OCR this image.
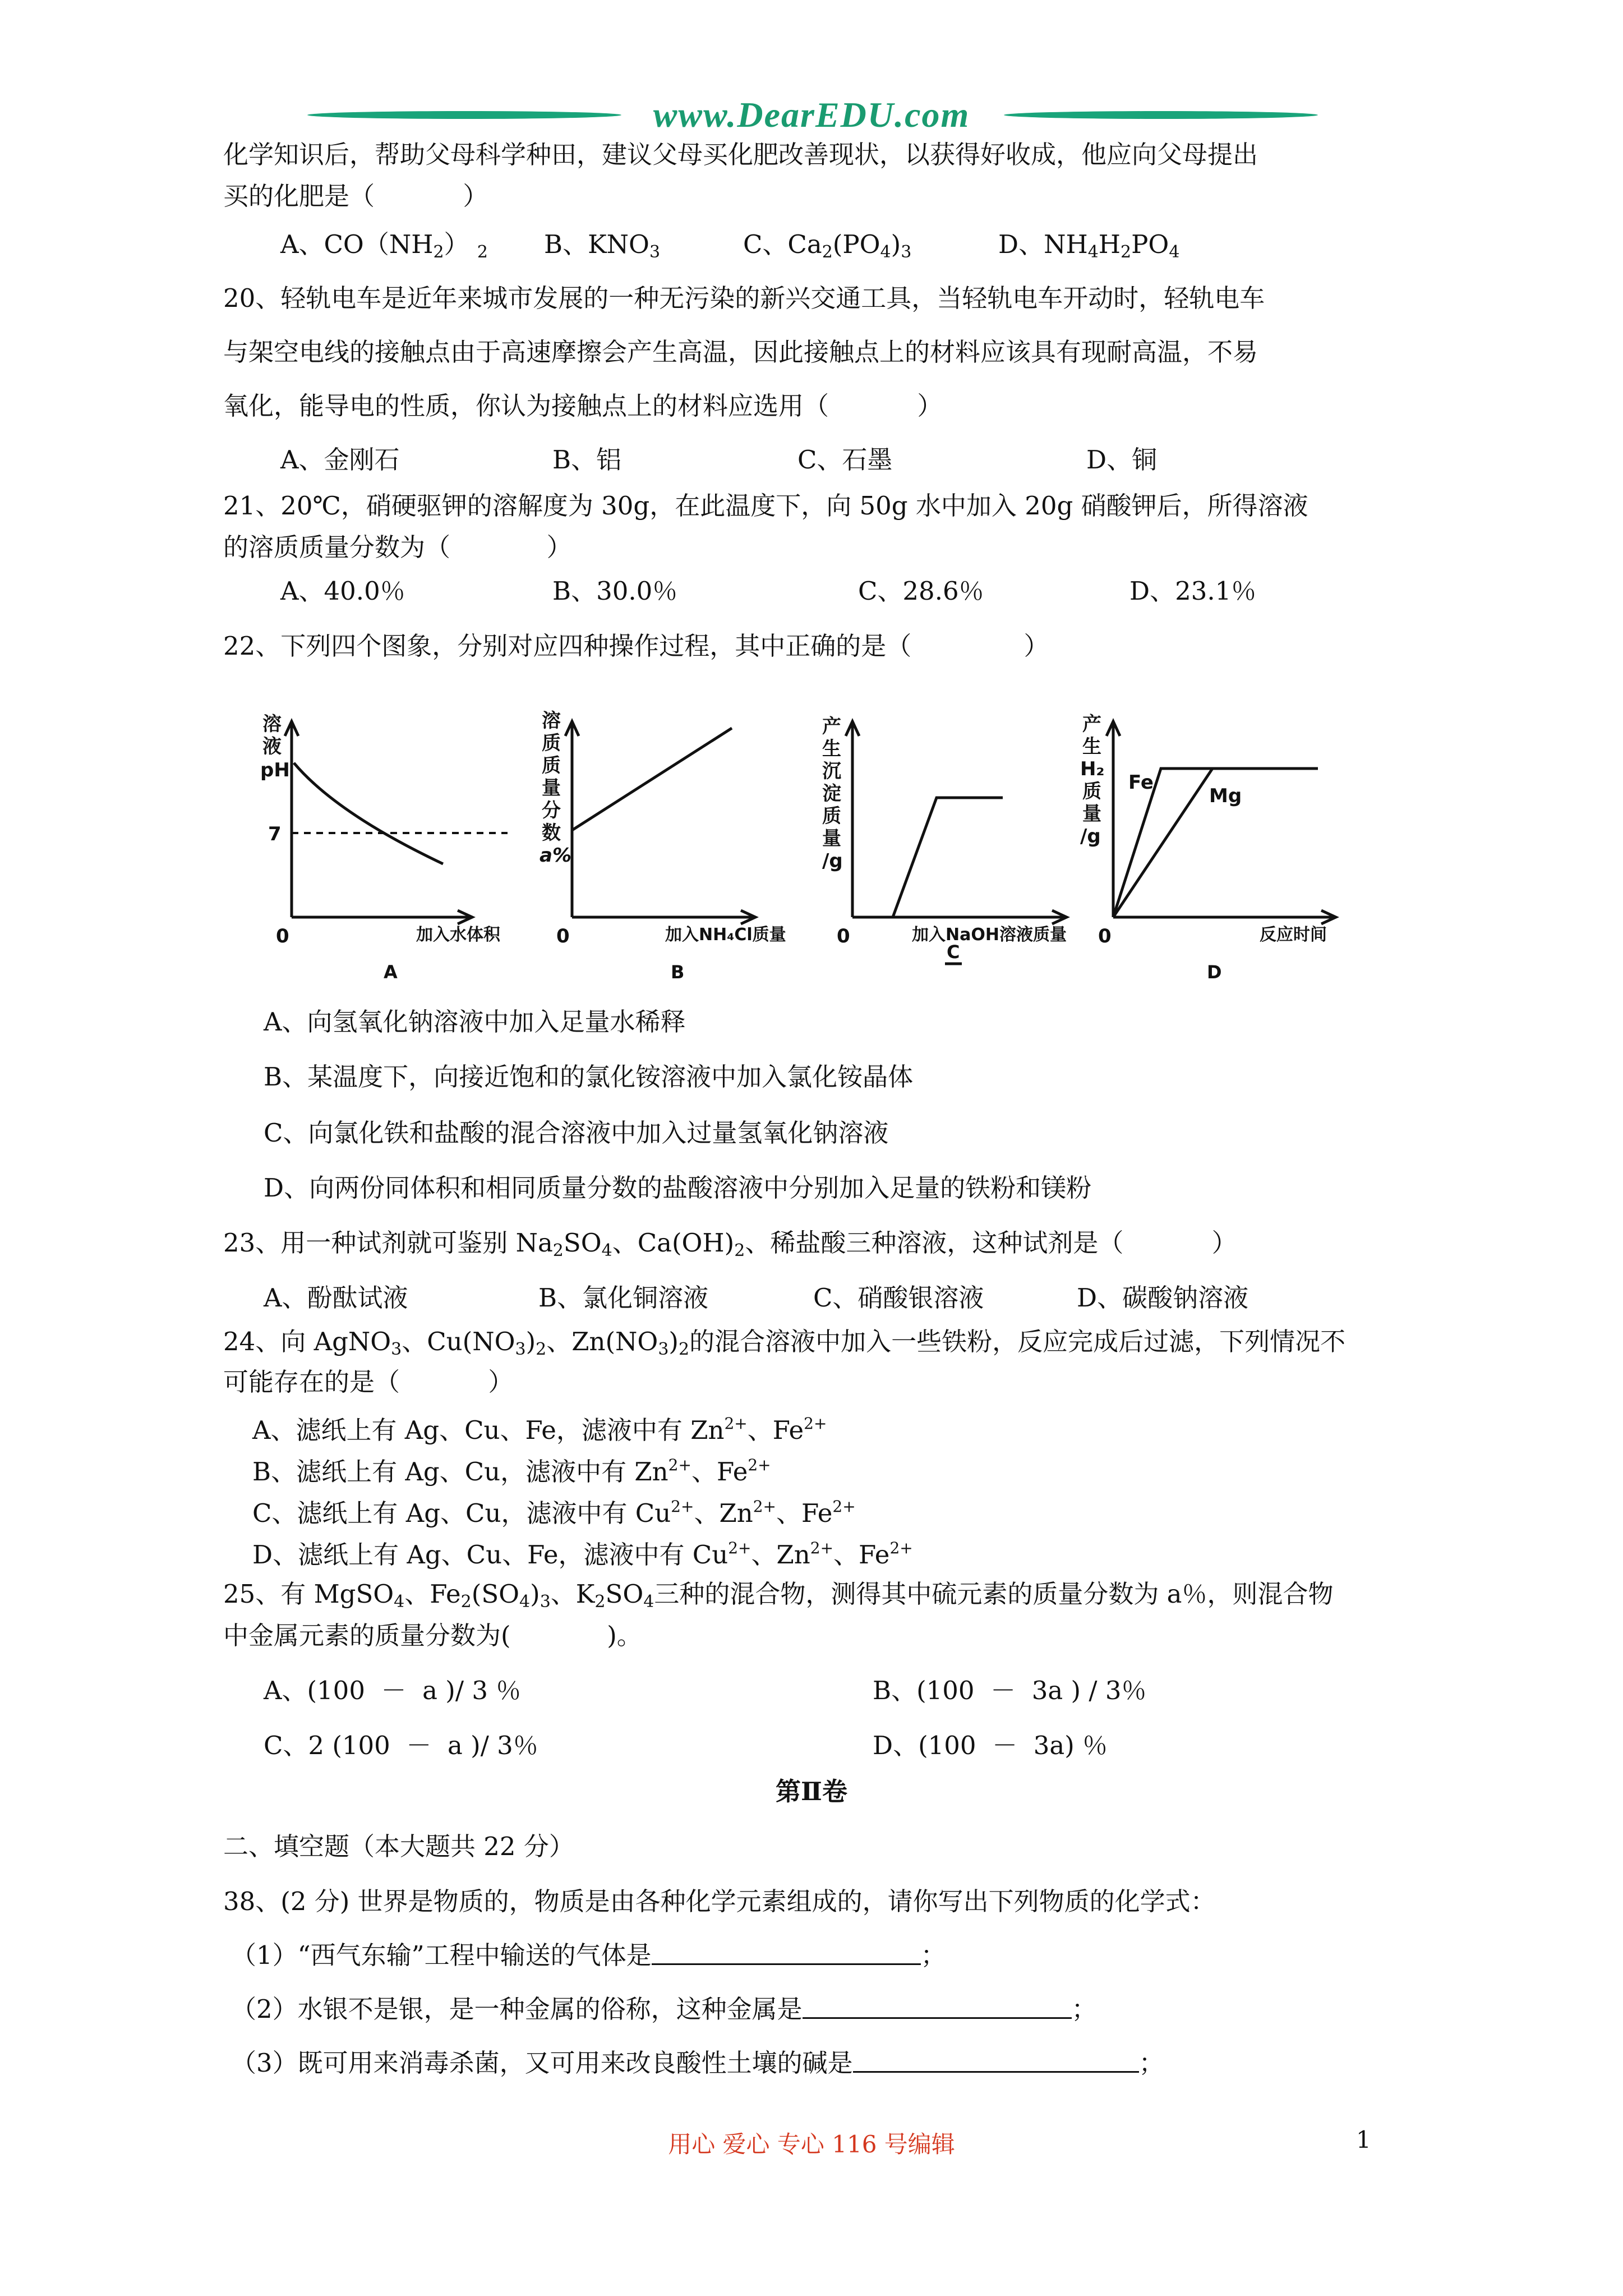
www.DearEDU.com
化学知识后，帮助父母科学种田，建议父母买化肥改善现状，以获得好收成，他应向父母提出
买的化肥是（           ）
A、$CO(NH_2)$ $_2$ B、$KNO_3$	C、$Ca_2(PO_4)_3$	D、$NH_4H_2PO_4$
20、轻轨电车是近年来城市发展的一种无污染的新兴交通工具，当轻轨电车开动时，轻轨电车
与架空电线的接触点由于高速摩擦会产生高温，因此接触点上的材料应该具有现耐高温，不易
氧化，能导电的性质，你认为接触点上的材料应选用（           ）
A、金刚石	B、铝	C、石墨	D、铜
21、20℃，硝硬驱钾的溶解度为 30g，在此温度下，向 50g 水中加入 20g 硝酸钾后，所得溶液
的溶质质量分数为（            ）
A、40.0％	B、30.0％	C、28.6％	D、23.1％
22、下列四个图象，分别对应四种操作过程，其中正确的是（              ）
溶
液
pH
7
0	加入水体积
A
溶
质
质
量
分
数
a%
0	加入NH₄Cl质量
B
产
生
沉
淀
质
量
/g
0	加入NaOH溶液质量
C
产
生
H₂
质
量
/g
Fe
Mg
0	反应时间
D
A、向氢氧化钠溶液中加入足量水稀释
B、某温度下，向接近饱和的氯化铵溶液中加入氯化铵晶体
C、向氯化铁和盐酸的混合溶液中加入过量氢氧化钠溶液
D、向两份同体积和相同质量分数的盐酸溶液中分别加入足量的铁粉和镁粉
23、用一种试剂就可鉴别 $Na_2SO_4$、$Ca(OH)_2$、稀盐酸三种溶液，这种试剂是（           ）
A、酚酞试液	B、氯化铜溶液	C、硝酸银溶液	D、碳酸钠溶液
24、向 AgNO$_3$、$Cu(NO_3)_2$、$Zn(NO_3)_2$的混合溶液中加入一些铁粉，反应完成后过滤，下列情况不
可能存在的是（           ）
A、滤纸上有 Ag、Cu、Fe，滤液中有 $Zn^{2+}$、$Fe^{2+}$
B、滤纸上有 Ag、Cu，滤液中有 $Zn^{2+}$、$Fe^{2+}$
C、滤纸上有 Ag、Cu，滤液中有 $Cu^{2+}$、$Zn^{2+}$、$Fe^{2+}$
D、滤纸上有 Ag、Cu、Fe，滤液中有 $Cu^{2+}$、$Zn^{2+}$、$Fe^{2+}$
25、有 MgSO$_4$、$Fe_2(SO_4)_3$、$K_2SO_4$三种的混合物，测得其中硫元素的质量分数为 a％，则混合物
中金属元素的质量分数为(            )。
A、(100  －  a )/ 3 ％	B、(100  －  3a ) / 3％
C、2 (100  －  a )/ 3％	D、(100  －  3a) ％
第Ⅱ卷
二、填空题（本大题共 22 分）
38、(2 分) 世界是物质的，物质是由各种化学元素组成的，请你写出下列物质的化学式：
（1）“西气东输”工程中输送的气体是	；
（2）水银不是银，是一种金属的俗称，这种金属是	；
（3）既可用来消毒杀菌，又可用来改良酸性土壤的碱是	；
用心 爱心 专心 116 号编辑	1
